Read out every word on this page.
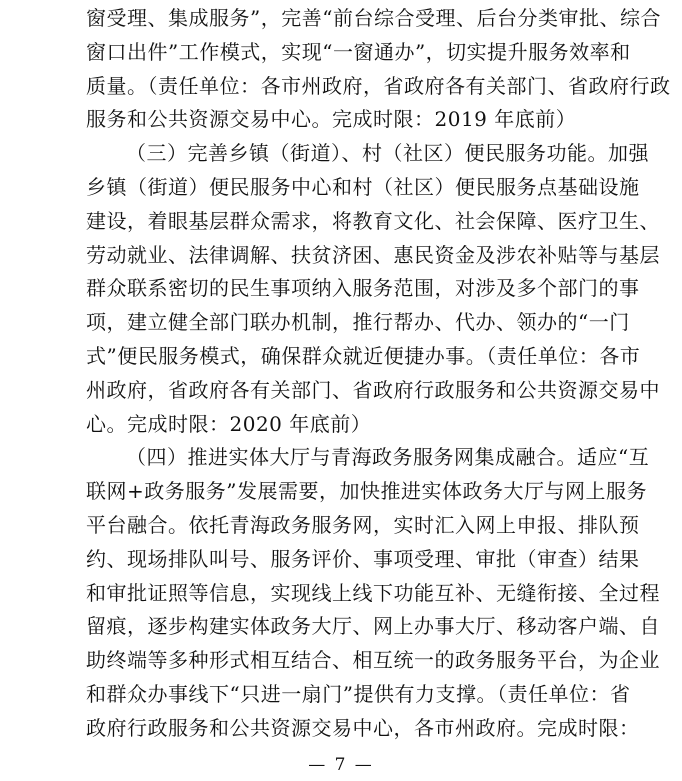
窗受理、集成服务”，完善“前台综合受理、后台分类审批、综合
窗口出件”工作模式，实现“一窗通办”，切实提升服务效率和
质量。（责任单位：各市州政府，省政府各有关部门、省政府行政
服务和公共资源交易中心。完成时限：2019 年底前）
（三）完善乡镇（街道）、村（社区）便民服务功能。加强
乡镇（街道）便民服务中心和村（社区）便民服务点基础设施
建设，着眼基层群众需求，将教育文化、社会保障、医疗卫生、
劳动就业、法律调解、扶贫济困、惠民资金及涉农补贴等与基层
群众联系密切的民生事项纳入服务范围，对涉及多个部门的事
项，建立健全部门联办机制，推行帮办、代办、领办的“一门
式”便民服务模式，确保群众就近便捷办事。（责任单位：各市
州政府，省政府各有关部门、省政府行政服务和公共资源交易中
心。完成时限：2020 年底前）
（四）推进实体大厅与青海政务服务网集成融合。适应“互
联网+政务服务”发展需要，加快推进实体政务大厅与网上服务
平台融合。依托青海政务服务网，实时汇入网上申报、排队预
约、现场排队叫号、服务评价、事项受理、审批（审查）结果
和审批证照等信息，实现线上线下功能互补、无缝衔接、全过程
留痕，逐步构建实体政务大厅、网上办事大厅、移动客户端、自
助终端等多种形式相互结合、相互统一的政务服务平台，为企业
和群众办事线下“只进一扇门”提供有力支撑。（责任单位：省
政府行政服务和公共资源交易中心，各市州政府。完成时限：
— 7 —
